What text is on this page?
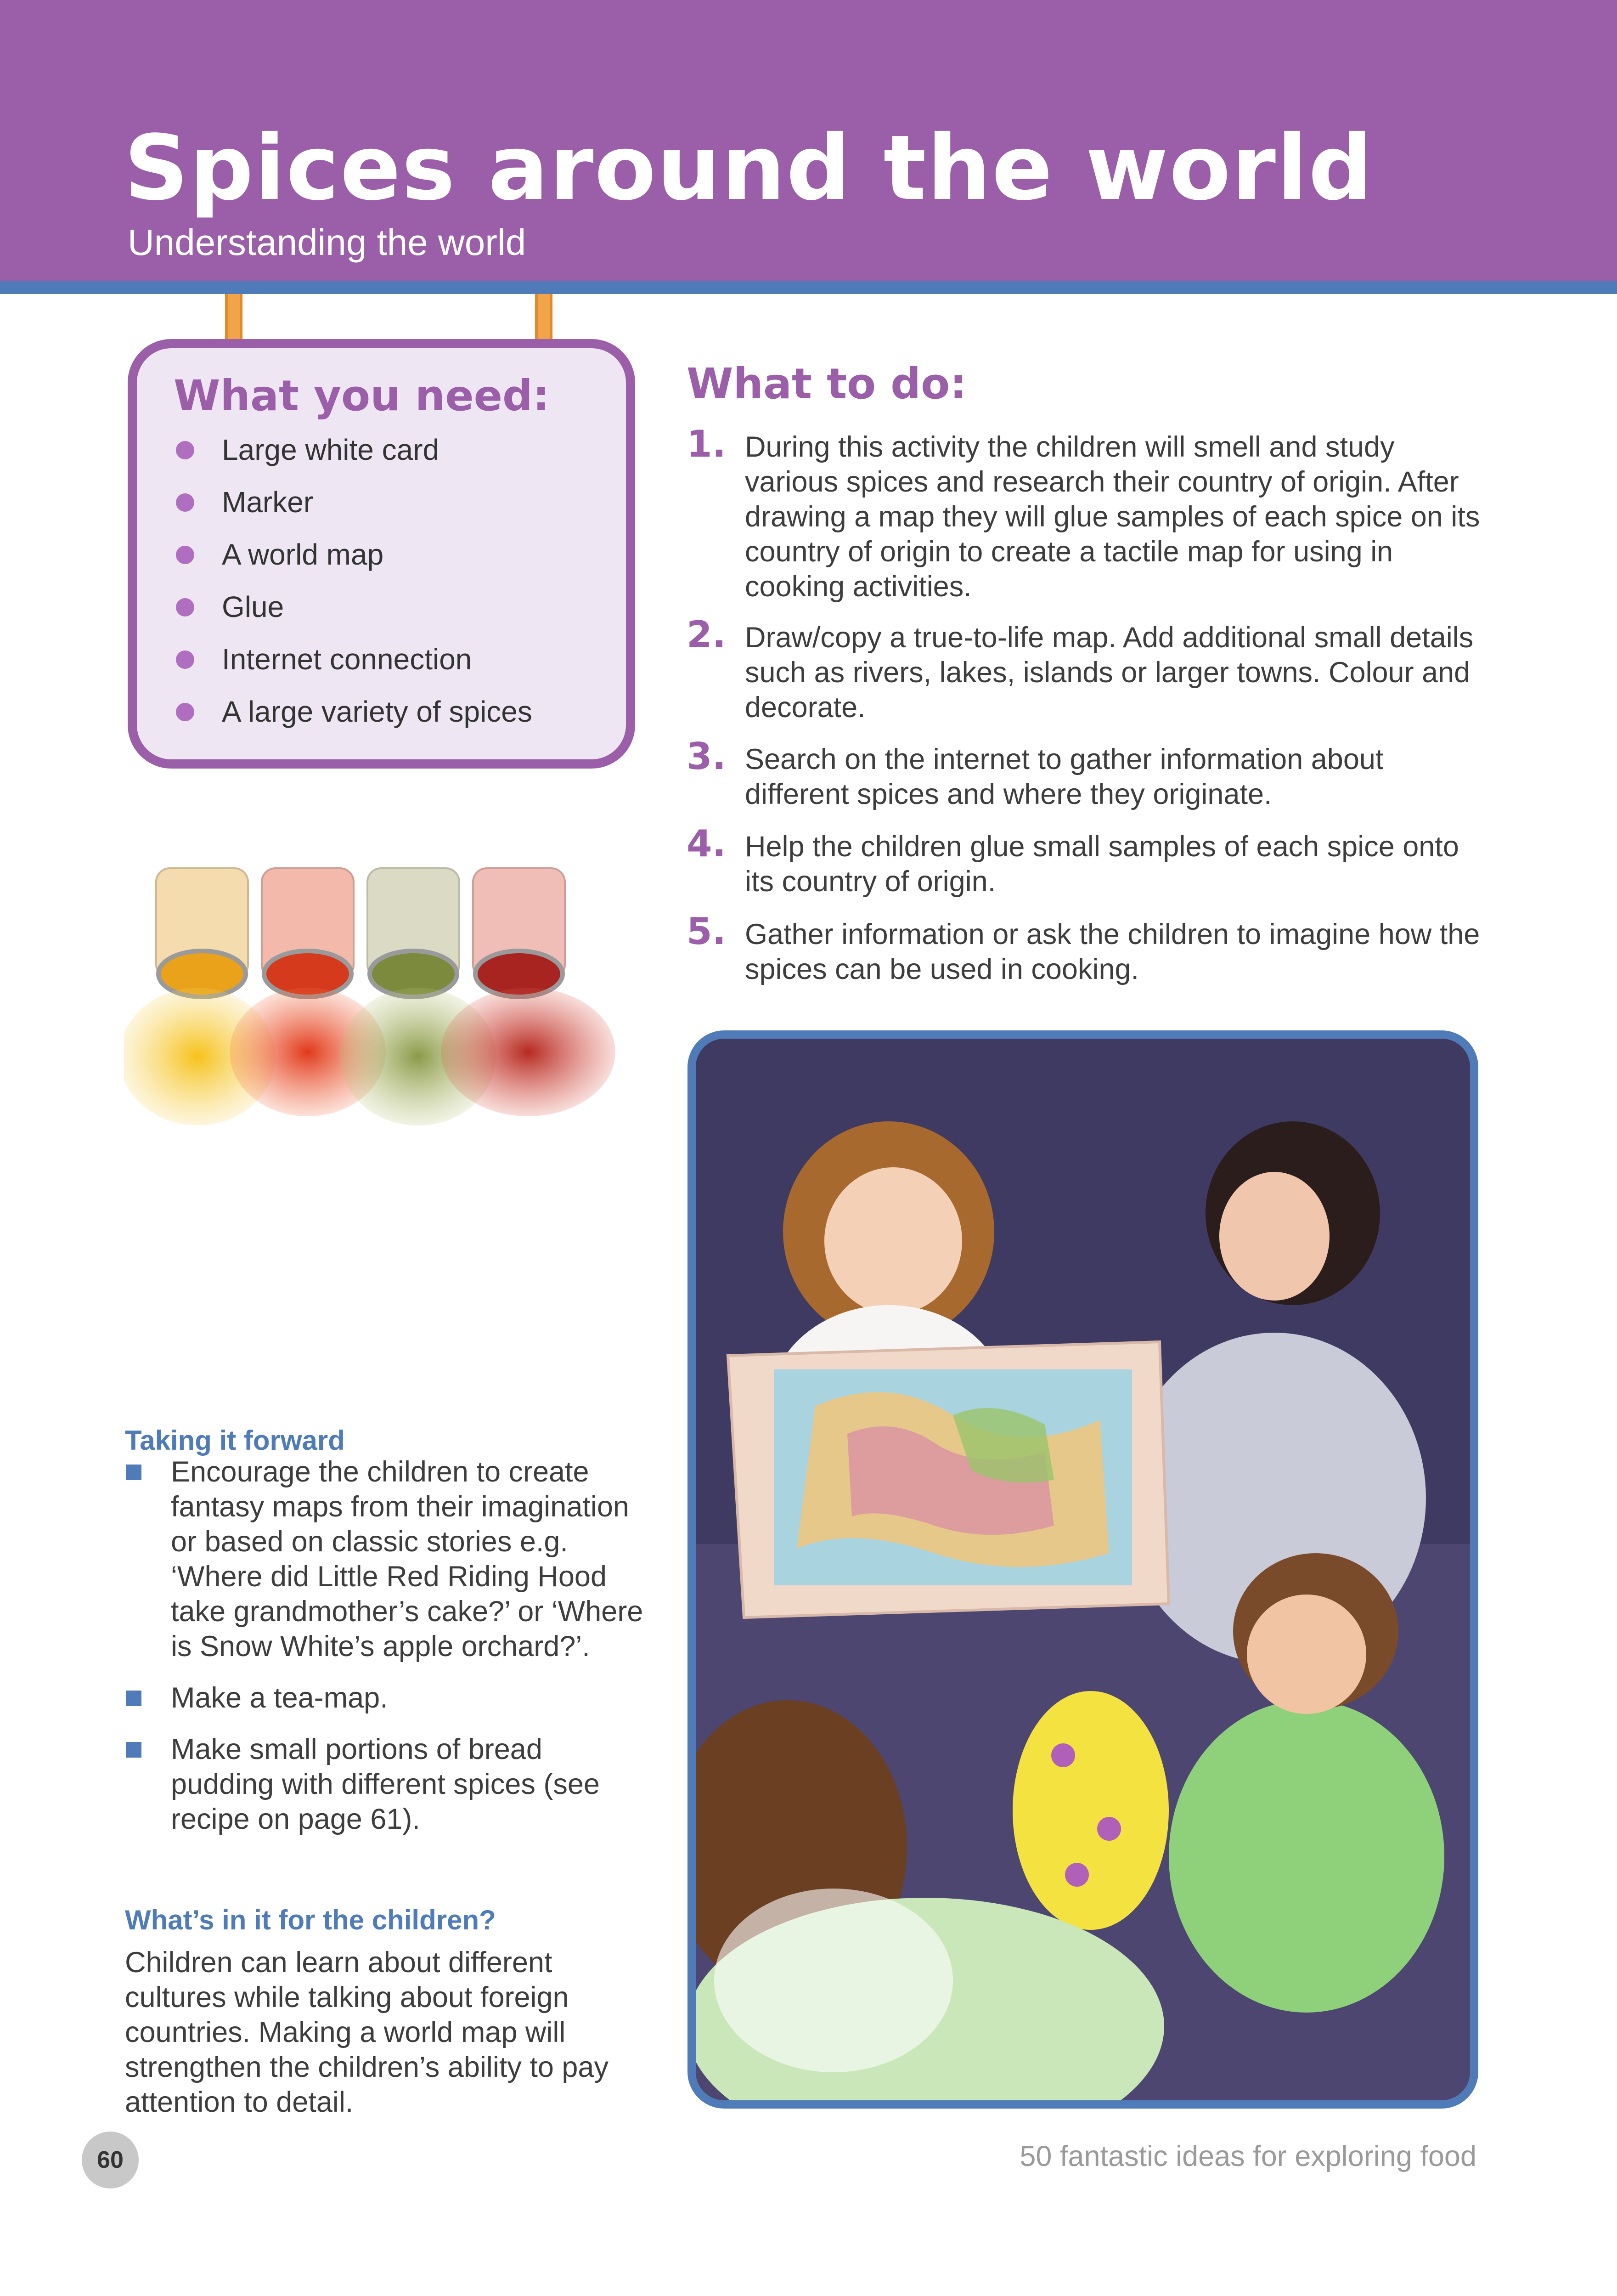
Spices around the world
Understanding the world
What you need:
Large white card
Marker
A world map
Glue
Internet connection
A large variety of spices
What to do:
1. During this activity the children will smell and study various spices and research their country of origin. After drawing a map they will glue samples of each spice on its country of origin to create a tactile map for using in cooking activities.

2. Draw/copy a true-to-life map. Add additional small details such as rivers, lakes, islands or larger towns. Colour and decorate.

3. Search on the internet to gather information about different spices and where they originate.

4. Help the children glue small samples of each spice onto its country of origin.

5. Gather information or ask the children to imagine how the spices can be used in cooking.

Taking it forward
Encourage the children to create fantasy maps from their imagination or based on classic stories e.g. ‘Where did Little Red Riding Hood take grandmother’s cake?’ or ‘Where is Snow White’s apple orchard?’.
Make a tea-map.
Make small portions of bread pudding with different spices (see recipe on page 61).
What’s in it for the children?

Children can learn about different cultures while talking about foreign countries. Making a world map will strengthen the children’s ability to pay attention to detail.

60	50 fantastic ideas for exploring food
